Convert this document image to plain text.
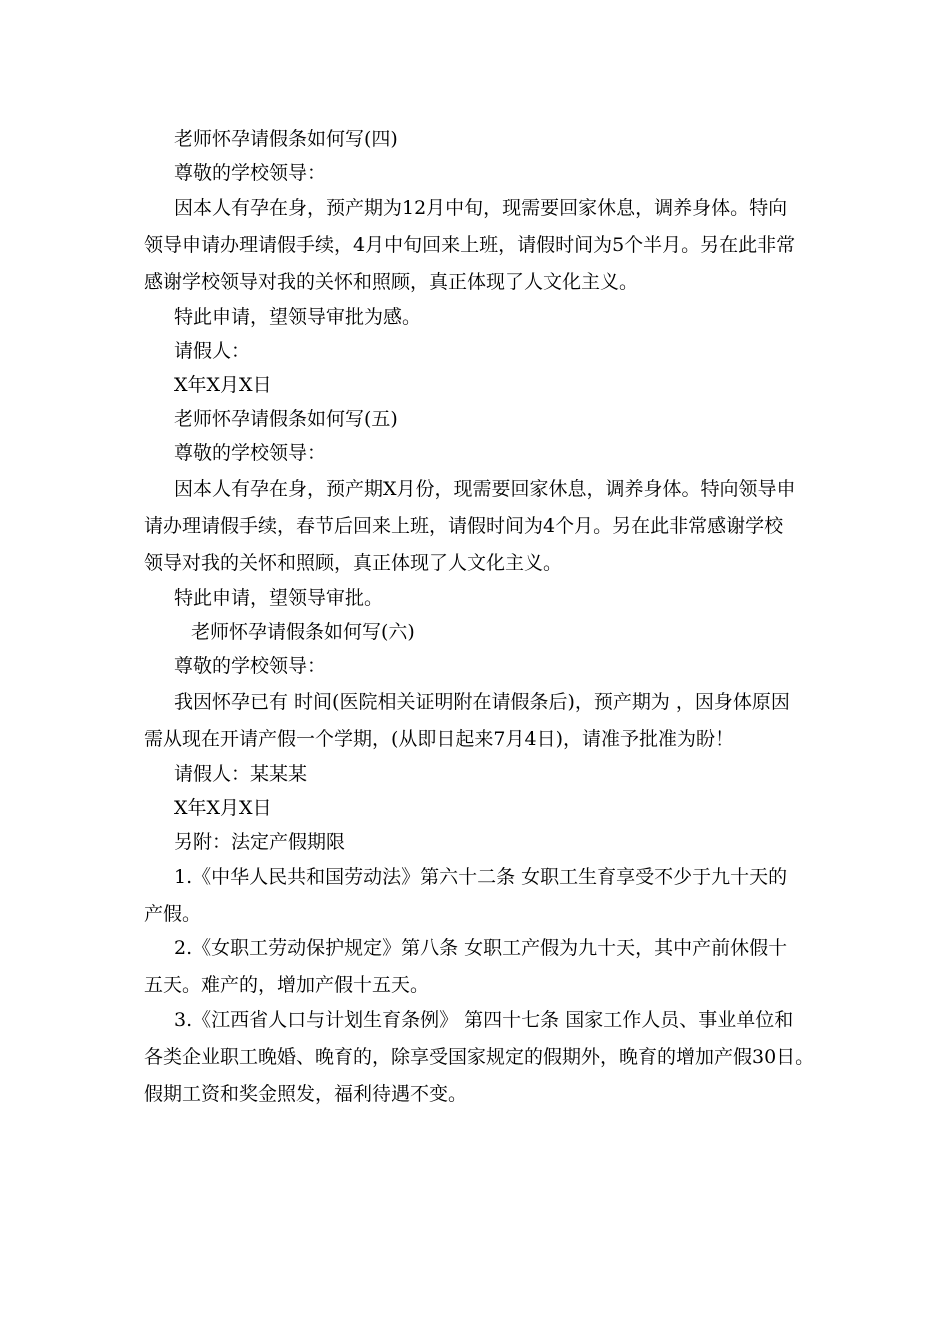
老师怀孕请假条如何写(四)

尊敬的学校领导：

因本人有孕在身，预产期为12月中旬，现需要回家休息，调养身体。特向

领导申请办理请假手续，4月中旬回来上班，请假时间为5个半月。另在此非常

感谢学校领导对我的关怀和照顾，真正体现了人文化主义。

特此申请，望领导审批为感。

请假人：

X年X月X日

老师怀孕请假条如何写(五)

尊敬的学校领导：

因本人有孕在身，预产期X月份，现需要回家休息，调养身体。特向领导申

请办理请假手续，春节后回来上班，请假时间为4个月。另在此非常感谢学校

领导对我的关怀和照顾，真正体现了人文化主义。

特此申请，望领导审批。

老师怀孕请假条如何写(六)

尊敬的学校领导：

我因怀孕已有 时间(医院相关证明附在请假条后)，预产期为 ，因身体原因

需从现在开请产假一个学期，(从即日起来7月4日)，请准予批准为盼！

请假人：某某某

X年X月X日

另附：法定产假期限

1.《中华人民共和国劳动法》第六十二条 女职工生育享受不少于九十天的

产假。

2.《女职工劳动保护规定》第八条 女职工产假为九十天，其中产前休假十

五天。难产的，增加产假十五天。

3.《江西省人口与计划生育条例》 第四十七条 国家工作人员、事业单位和

各类企业职工晚婚、晚育的，除享受国家规定的假期外，晚育的增加产假30日。

假期工资和奖金照发，福利待遇不变。
